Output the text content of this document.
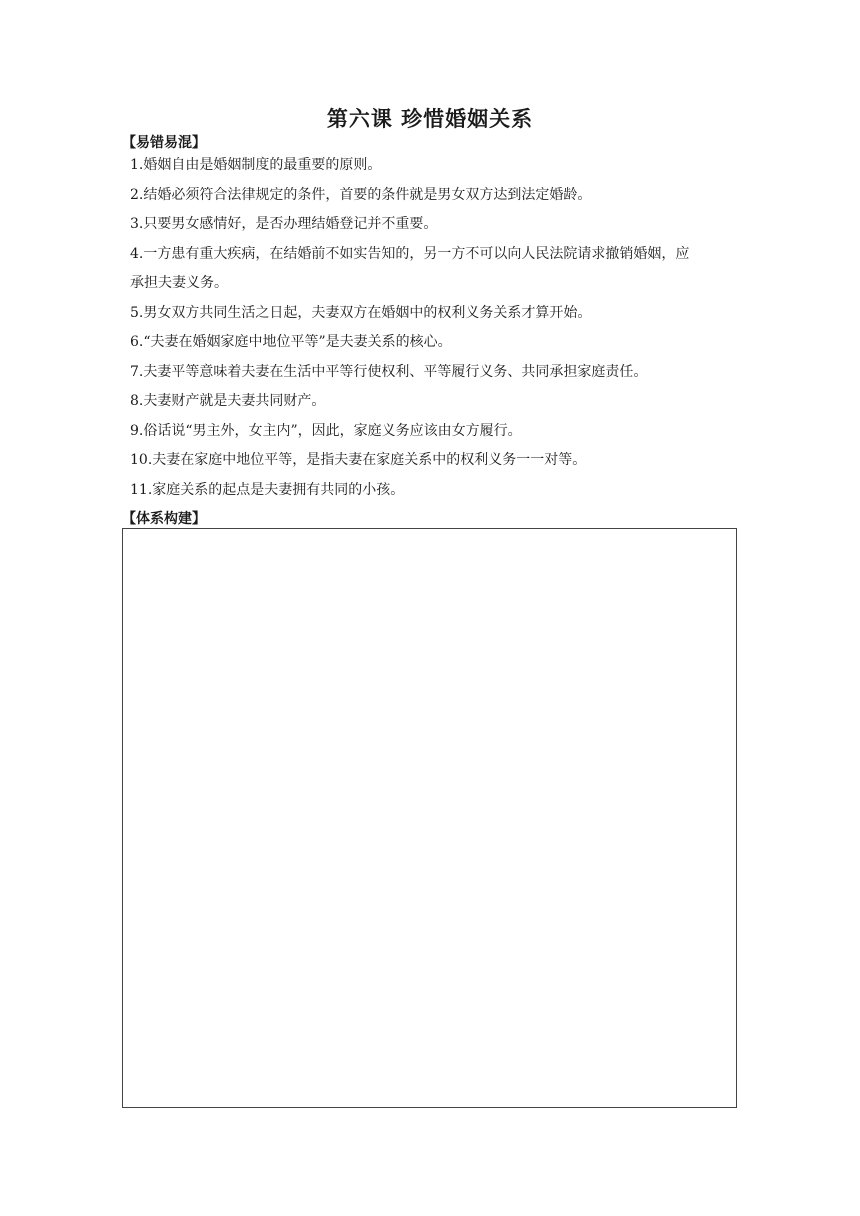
第六课 珍惜婚姻关系
【易错易混】
1.婚姻自由是婚姻制度的最重要的原则。
2.结婚必须符合法律规定的条件，首要的条件就是男女双方达到法定婚龄。
3.只要男女感情好，是否办理结婚登记并不重要。
4.一方患有重大疾病，在结婚前不如实告知的，另一方不可以向人民法院请求撤销婚姻，应
承担夫妻义务。
5.男女双方共同生活之日起，夫妻双方在婚姻中的权利义务关系才算开始。
6.“夫妻在婚姻家庭中地位平等”是夫妻关系的核心。
7.夫妻平等意味着夫妻在生活中平等行使权利、平等履行义务、共同承担家庭责任。
8.夫妻财产就是夫妻共同财产。
9.俗话说“男主外，女主内”，因此，家庭义务应该由女方履行。
10.夫妻在家庭中地位平等，是指夫妻在家庭关系中的权利义务一一对等。
11.家庭关系的起点是夫妻拥有共同的小孩。
【体系构建】
